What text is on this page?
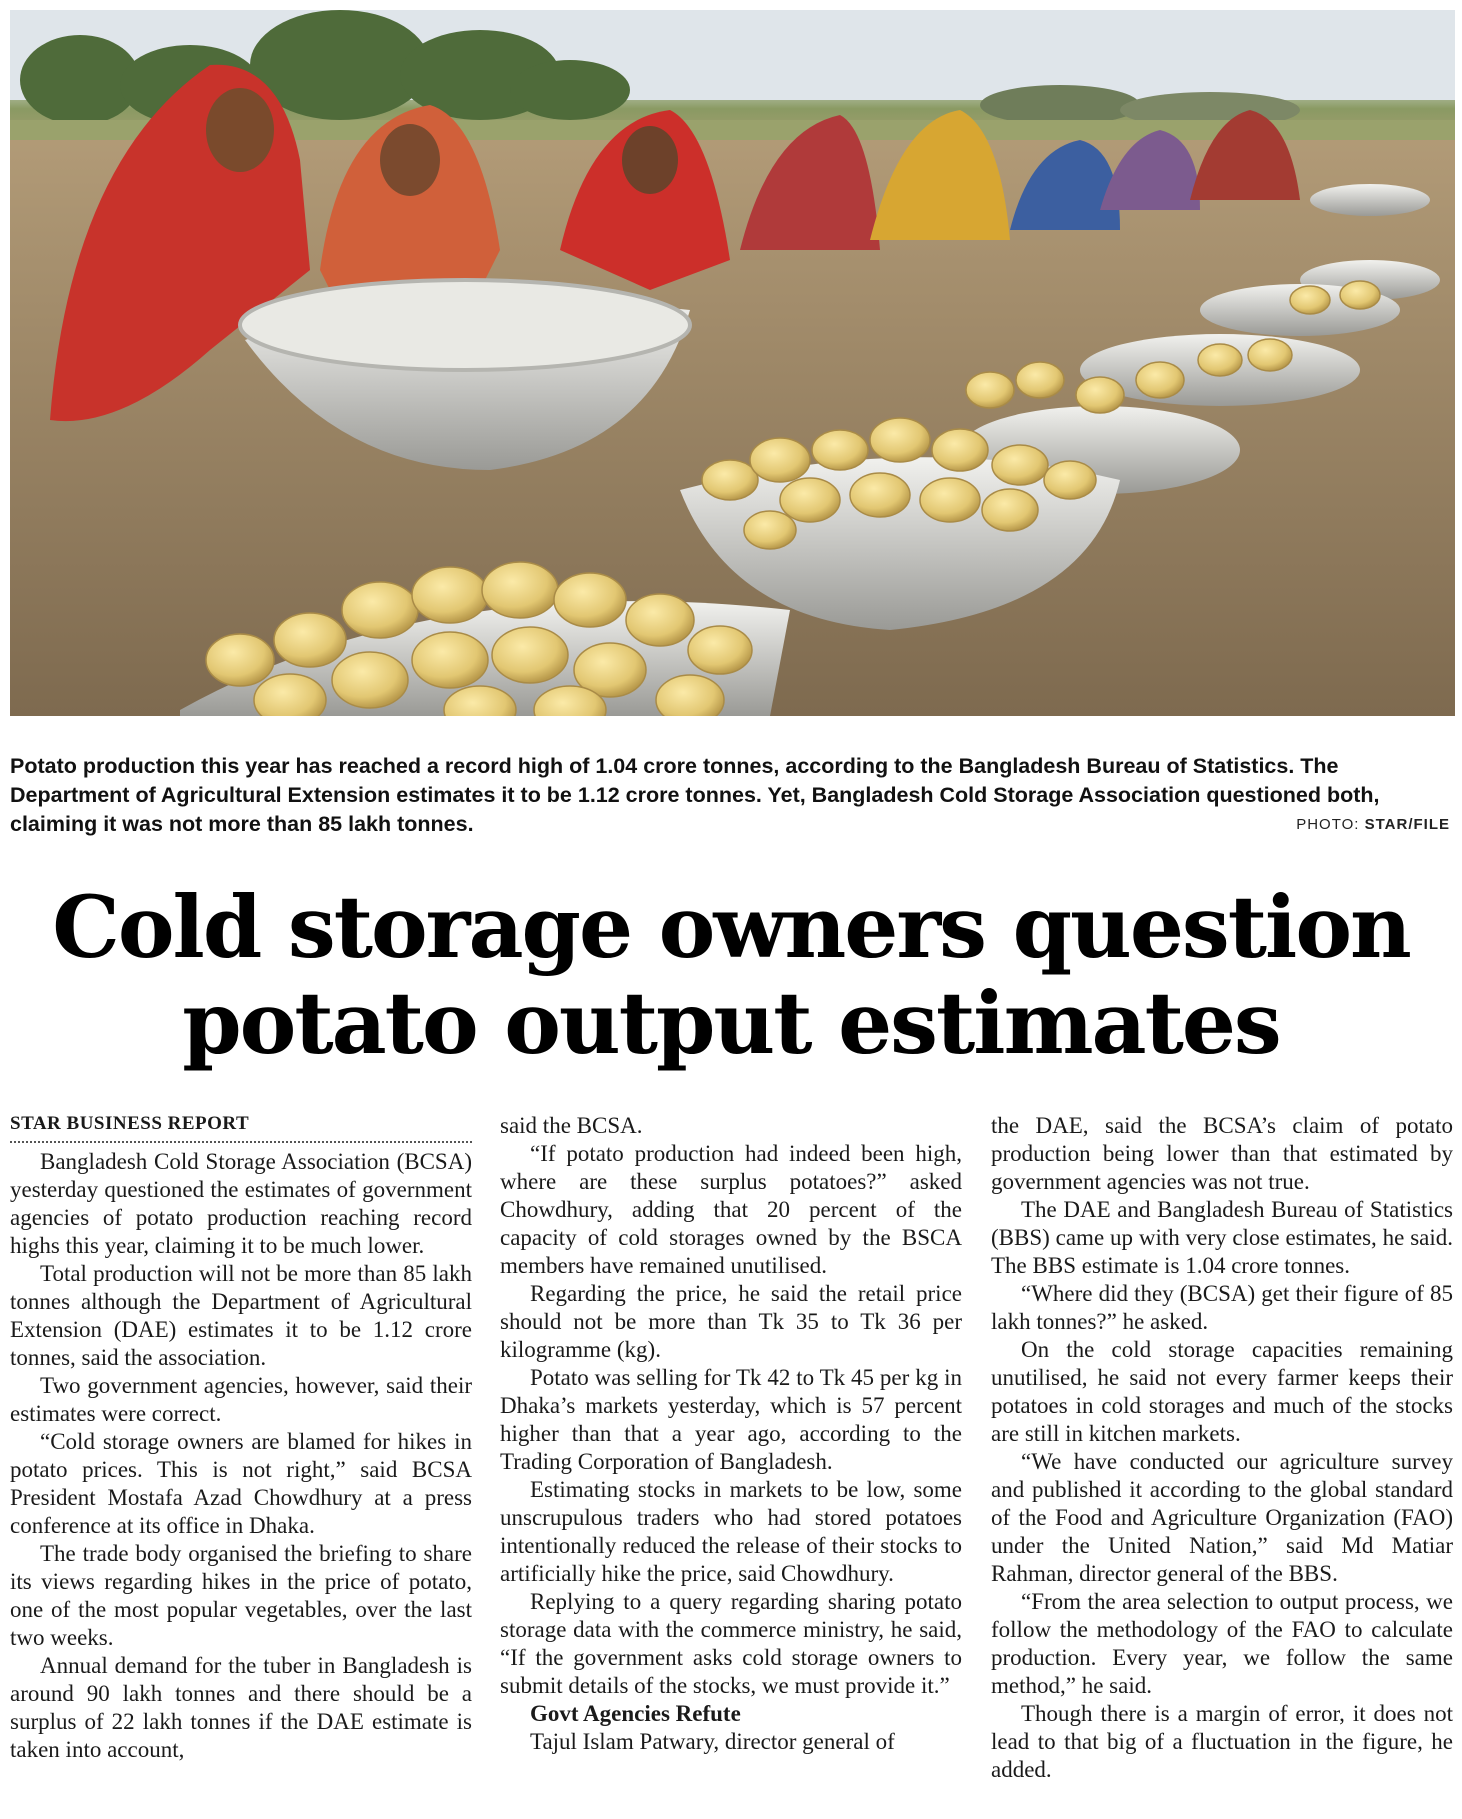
Potato production this year has reached a record high of 1.04 crore tonnes, according to the Bangladesh Bureau of Statistics. The Department of Agricultural Extension estimates it to be 1.12 crore tonnes. Yet, Bangladesh Cold Storage Association questioned both, claiming it was not more than 85 lakh tonnes.	PHOTO: STAR/FILE
Cold storage owners question
potato output estimates
STAR BUSINESS REPORT

Bangladesh Cold Storage Association (BCSA) yesterday questioned the estimates of government agencies of potato production reaching record highs this year, claiming it to be much lower.

Total production will not be more than 85 lakh tonnes although the Department of Agricultural Extension (DAE) estimates it to be 1.12 crore tonnes, said the association.

Two government agencies, however, said their estimates were correct.

“Cold storage owners are blamed for hikes in potato prices. This is not right,” said BCSA President Mostafa Azad Chowdhury at a press conference at its office in Dhaka.

The trade body organised the briefing to share its views regarding hikes in the price of potato, one of the most popular vegetables, over the last two weeks.

Annual demand for the tuber in Bangladesh is around 90 lakh tonnes and there should be a surplus of 22 lakh tonnes if the DAE estimate is taken into account,

said the BCSA.

“If potato production had indeed been high, where are these surplus potatoes?” asked Chowdhury, adding that 20 percent of the capacity of cold storages owned by the BSCA members have remained unutilised.

Regarding the price, he said the retail price should not be more than Tk 35 to Tk 36 per kilogramme (kg).

Potato was selling for Tk 42 to Tk 45 per kg in Dhaka’s markets yesterday, which is 57 percent higher than that a year ago, according to the Trading Corporation of Bangladesh.

Estimating stocks in markets to be low, some unscrupulous traders who had stored potatoes intentionally reduced the release of their stocks to artificially hike the price, said Chowdhury.

Replying to a query regarding sharing potato storage data with the commerce ministry, he said, “If the government asks cold storage owners to submit details of the stocks, we must provide it.”

Govt Agencies Refute

Tajul Islam Patwary, director general of

the DAE, said the BCSA’s claim of potato production being lower than that estimated by government agencies was not true.

The DAE and Bangladesh Bureau of Statistics (BBS) came up with very close estimates, he said. The BBS estimate is 1.04 crore tonnes.

“Where did they (BCSA) get their figure of 85 lakh tonnes?” he asked.

On the cold storage capacities remaining unutilised, he said not every farmer keeps their potatoes in cold storages and much of the stocks are still in kitchen markets.

“We have conducted our agriculture survey and published it according to the global standard of the Food and Agriculture Organization (FAO) under the United Nation,” said Md Matiar Rahman, director general of the BBS.

“From the area selection to output process, we follow the methodology of the FAO to calculate production. Every year, we follow the same method,” he said.

Though there is a margin of error, it does not lead to that big of a fluctuation in the figure, he added.
